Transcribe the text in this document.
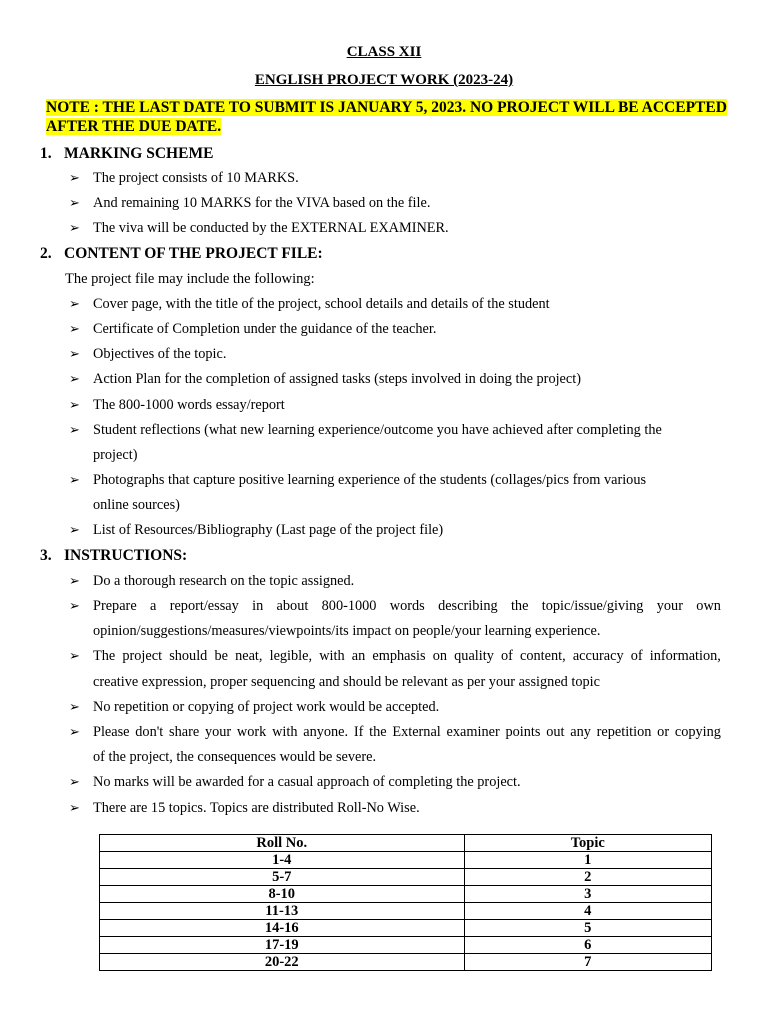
CLASS XII
ENGLISH PROJECT WORK (2023-24)
NOTE : THE LAST DATE TO SUBMIT IS JANUARY 5, 2023. NO PROJECT WILL BE ACCEPTED
AFTER THE DUE DATE.
1. MARKING SCHEME
➢ The project consists of 10 MARKS.
➢ And remaining 10 MARKS for the VIVA based on the file.
➢ The viva will be conducted by the EXTERNAL EXAMINER.
2. CONTENT OF THE PROJECT FILE:
The project file may include the following:
➢ Cover page, with the title of the project, school details and details of the student
➢ Certificate of Completion under the guidance of the teacher.
➢ Objectives of the topic.
➢ Action Plan for the completion of assigned tasks (steps involved in doing the project)
➢ The 800-1000 words essay/report
➢ Student reflections (what new learning experience/outcome you have achieved after completing the
project)
➢ Photographs that capture positive learning experience of the students (collages/pics from various
online sources)
➢ List of Resources/Bibliography (Last page of the project file)
3. INSTRUCTIONS:
➢ Do a thorough research on the topic assigned.
➢ Prepare a report/essay in about 800-1000 words describing the topic/issue/giving your own
opinion/suggestions/measures/viewpoints/its impact on people/your learning experience.
➢ The project should be neat, legible, with an emphasis on quality of content, accuracy of information,
creative expression, proper sequencing and should be relevant as per your assigned topic
➢ No repetition or copying of project work would be accepted.
➢ Please don't share your work with anyone. If the External examiner points out any repetition or copying
of the project, the consequences would be severe.
➢ No marks will be awarded for a casual approach of completing the project.
➢ There are 15 topics. Topics are distributed Roll-No Wise.
Roll No.	Topic
1-4	1
5-7	2
8-10	3
11-13	4
14-16	5
17-19	6
20-22	7
